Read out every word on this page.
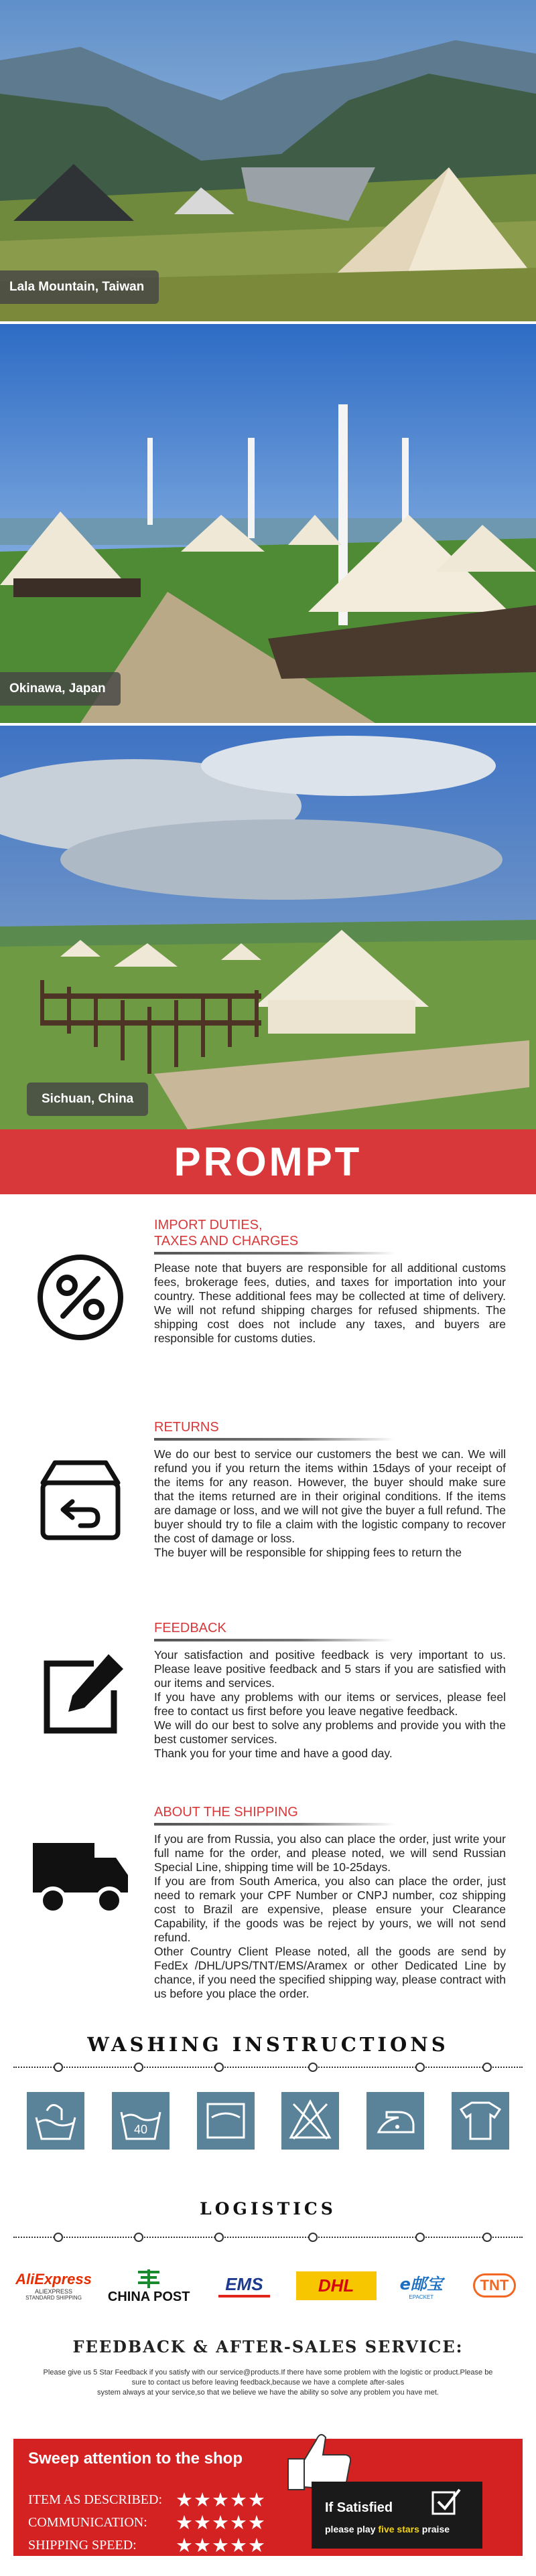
Lala Mountain, Taiwan
Okinawa, Japan
Sichuan, China
PROMPT
IMPORT DUTIES,
TAXES AND CHARGES

Please note that buyers are responsible for all additional customs fees, brokerage fees, duties, and taxes for importation into your country. These additional fees may be collected at time of delivery. We will not refund shipping charges for refused shipments. The shipping cost does not include any taxes, and buyers are responsible for customs duties.

RETURNS

We do our best to service our customers the best we can. We will refund you if you return the items within 15days of your receipt of the items for any reason. However, the buyer should make sure that the items returned are in their original conditions. If the items are damage or loss, and we will not give the buyer a full refund. The buyer should try to file a claim with the logistic company to recover the cost of damage or loss.

The buyer will be responsible for shipping fees to return the

FEEDBACK

Your satisfaction and positive feedback is very important to us. Please leave positive feedback and 5 stars if you are satisfied with our items and services.

If you have any problems with our items or services, please feel free to contact us first before you leave negative feedback.

We will do our best to solve any problems and provide you with the best customer services.

Thank you for your time and have a good day.

ABOUT THE SHIPPING

If you are from Russia, you also can place the order, just write your full name for the order, and please noted, we will send Russian Special Line, shipping time will be 10-25days.

If you are from South America, you also can place the order, just need to remark your CPF Number or CNPJ number, coz shipping cost to Brazil are expensive, please ensure your Clearance Capability, if the goods was be reject by yours, we will not send refund.

Other Country Client Please noted, all the goods are send by FedEx /DHL/UPS/TNT/EMS/Aramex or other Dedicated Line by chance, if you need the specified shipping way, please contract with us before you place the order.

WASHING INSTRUCTIONS
40
LOGISTICS
AliExpress
ALIEXPRESS
STANDARD SHIPPING CHINA POST
EMS	DHL	e邮宝
EPACKET
TNT
FEEDBACK & AFTER-SALES SERVICE:

Please give us 5 Star Feedback if you satisfy with our service@products.If there have some problem with the logistic or product.Please be sure to contact us before leaving feedback,because we have a complete after-sales

system always at your service,so that we believe we have the ability so solve any problem you have met.

Sweep attention to the shop
ITEM AS DESCRIBED: ★★★★★
COMMUNICATION:	★★★★★
SHIPPING SPEED:	★★★★★
If Satisfied
please play five stars praise
